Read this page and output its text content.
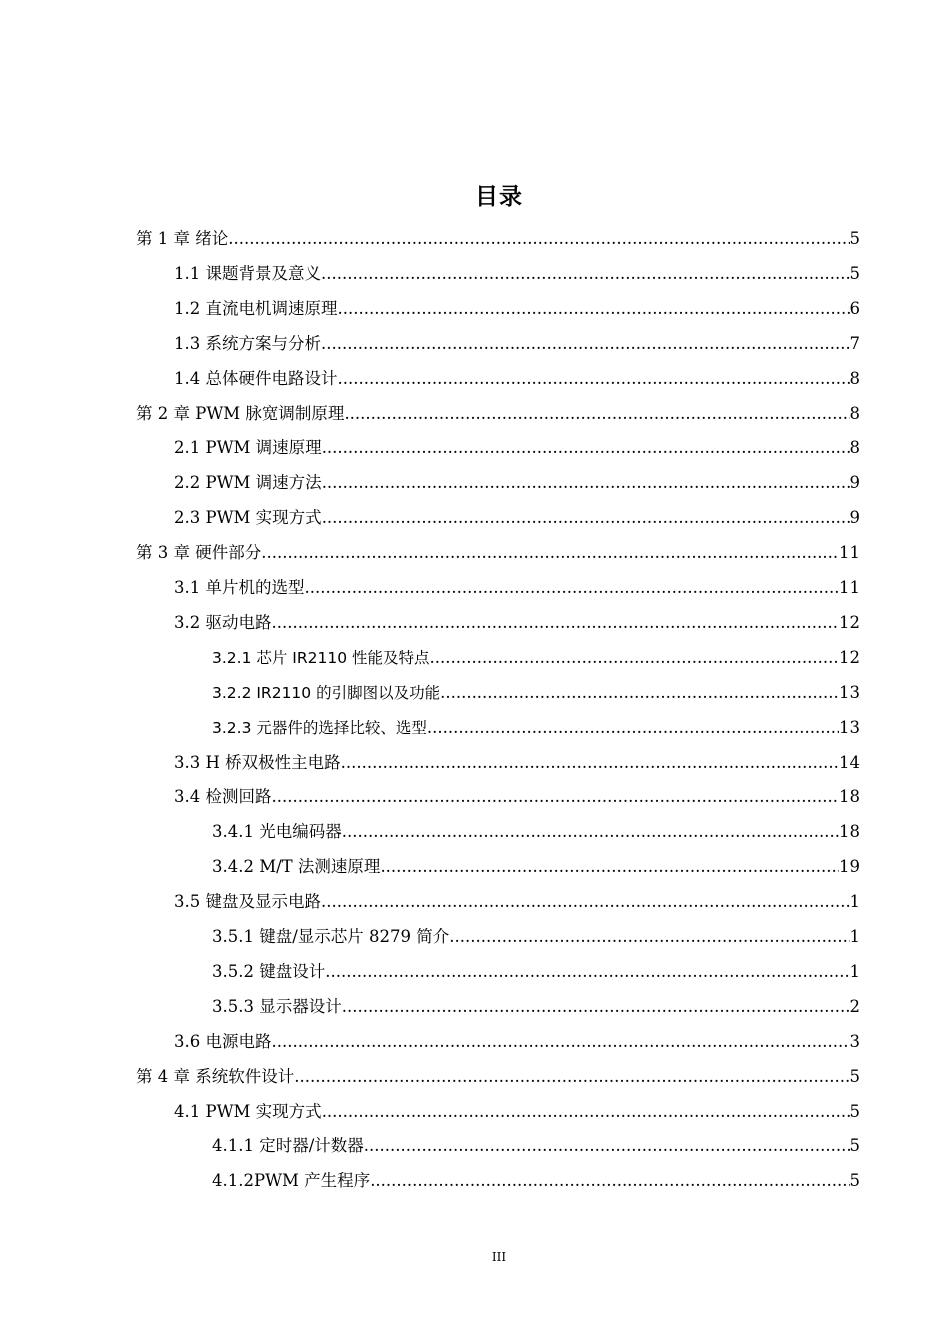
目录
第 1 章 绪论 .....	5
1.1 课题背景及意义 .....	5
1.2 直流电机调速原理 .....	6
1.3 系统方案与分析 .....	7
1.4 总体硬件电路设计 .....	8
第 2 章 PWM 脉宽调制原理 .....	8
2.1 PWM 调速原理 .....	8
2.2 PWM 调速方法 .....	9
2.3 PWM 实现方式 .....	9
第 3 章 硬件部分 .....	11
3.1 单片机的选型 .....	11
3.2 驱动电路 .....	12
3.2.1 芯片 IR2110 性能及特点 .....	12
3.2.2 IR2110 的引脚图以及功能 .....	13
3.2.3 元器件的选择比较、选型 .....	13
3.3 H 桥双极性主电路 .....	14
3.4 检测回路 .....	18
3.4.1 光电编码器 .....	18
3.4.2 M/T 法测速原理 .....	19
3.5 键盘及显示电路 .....	1
3.5.1 键盘/显示芯片 8279 简介 .....	1
3.5.2 键盘设计 .....	1
3.5.3 显示器设计 .....	2
3.6 电源电路 .....	3
第 4 章 系统软件设计 .....	5
4.1 PWM 实现方式 .....	5
4.1.1 定时器/计数器 .....	5
4.1.2PWM 产生程序 .....	5
III
